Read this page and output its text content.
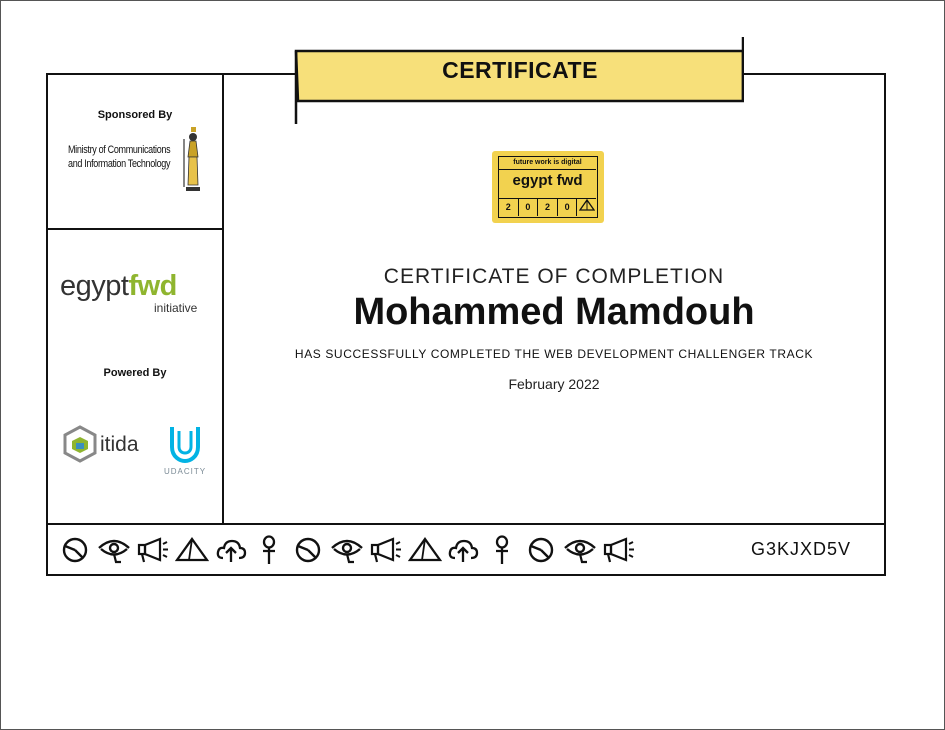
Sponsored By
Ministry of Communications
and Information Technology
egyptfwd
initiative
Powered By
itida
UDACITY
future work is digital
egypt fwd
2	0	2	0
CERTIFICATE OF COMPLETION
Mohammed Mamdouh
HAS SUCCESSFULLY COMPLETED THE WEB DEVELOPMENT CHALLENGER TRACK
February 2022
G3KJXD5V
CERTIFICATE
